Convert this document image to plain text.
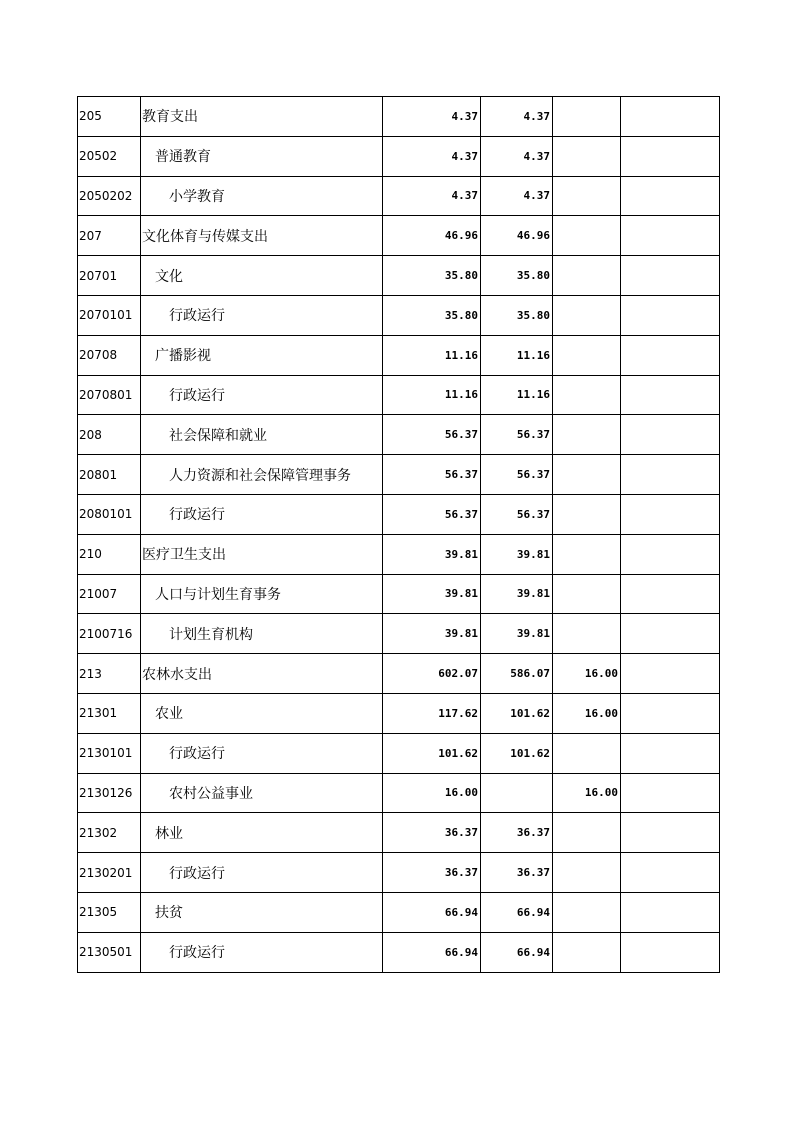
205	教育支出	4.37	4.37		
20502	普通教育	4.37	4.37		
2050202	小学教育	4.37	4.37		
207	文化体育与传媒支出	46.96	46.96		
20701	文化	35.80	35.80		
2070101	行政运行	35.80	35.80		
20708	广播影视	11.16	11.16		
2070801	行政运行	11.16	11.16		
208	社会保障和就业	56.37	56.37		
20801	人力资源和社会保障管理事务	56.37	56.37		
2080101	行政运行	56.37	56.37		
210	医疗卫生支出	39.81	39.81		
21007	人口与计划生育事务	39.81	39.81		
2100716	计划生育机构	39.81	39.81		
213	农林水支出	602.07	586.07	16.00	
21301	农业	117.62	101.62	16.00	
2130101	行政运行	101.62	101.62		
2130126	农村公益事业	16.00		16.00	
21302	林业	36.37	36.37		
2130201	行政运行	36.37	36.37		
21305	扶贫	66.94	66.94		
2130501	行政运行	66.94	66.94		
